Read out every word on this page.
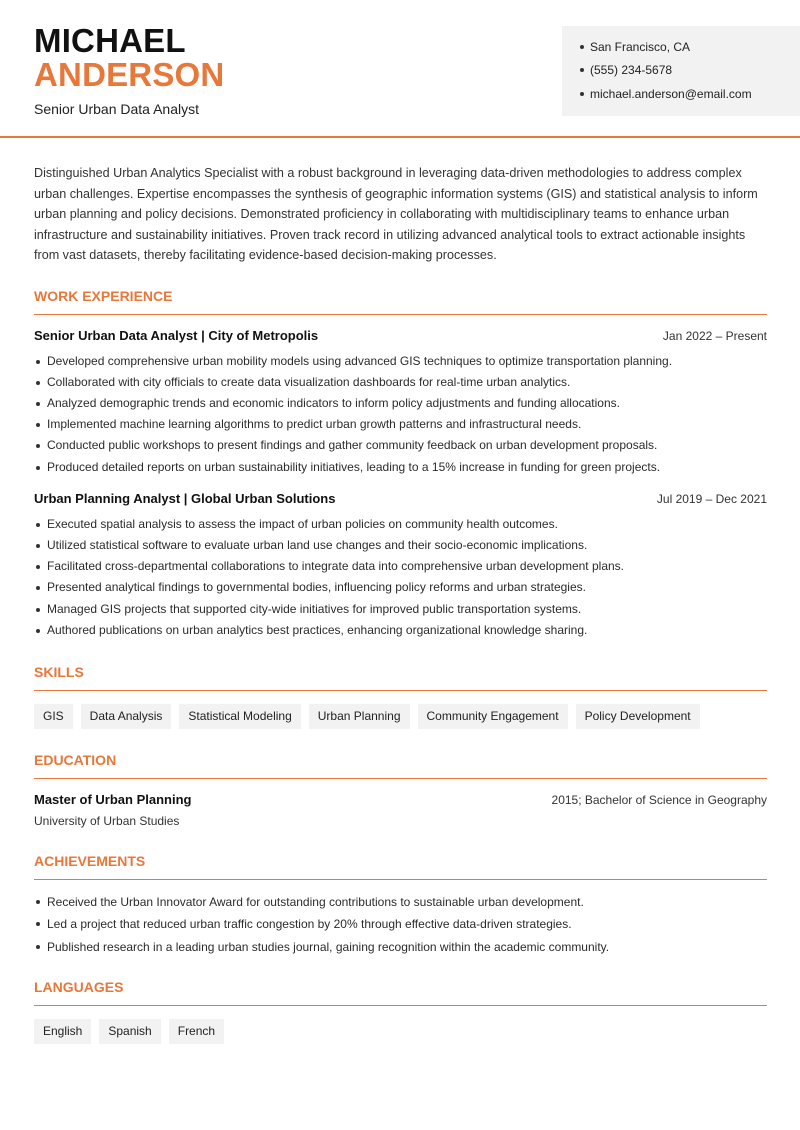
MICHAEL
ANDERSON
Senior Urban Data Analyst
San Francisco, CA
(555) 234-5678
michael.anderson@email.com
Distinguished Urban Analytics Specialist with a robust background in leveraging data-driven methodologies to address complex urban challenges. Expertise encompasses the synthesis of geographic information systems (GIS) and statistical analysis to inform urban planning and policy decisions. Demonstrated proficiency in collaborating with multidisciplinary teams to enhance urban infrastructure and sustainability initiatives. Proven track record in utilizing advanced analytical tools to extract actionable insights from vast datasets, thereby facilitating evidence-based decision-making processes.
WORK EXPERIENCE
Senior Urban Data Analyst | City of Metropolis	Jan 2022 – Present
Developed comprehensive urban mobility models using advanced GIS techniques to optimize transportation planning.
Collaborated with city officials to create data visualization dashboards for real-time urban analytics.
Analyzed demographic trends and economic indicators to inform policy adjustments and funding allocations.
Implemented machine learning algorithms to predict urban growth patterns and infrastructural needs.
Conducted public workshops to present findings and gather community feedback on urban development proposals.
Produced detailed reports on urban sustainability initiatives, leading to a 15% increase in funding for green projects.
Urban Planning Analyst | Global Urban Solutions	Jul 2019 – Dec 2021
Executed spatial analysis to assess the impact of urban policies on community health outcomes.
Utilized statistical software to evaluate urban land use changes and their socio-economic implications.
Facilitated cross-departmental collaborations to integrate data into comprehensive urban development plans.
Presented analytical findings to governmental bodies, influencing policy reforms and urban strategies.
Managed GIS projects that supported city-wide initiatives for improved public transportation systems.
Authored publications on urban analytics best practices, enhancing organizational knowledge sharing.
SKILLS
GIS	Data Analysis	Statistical Modeling	Urban Planning	Community Engagement	Policy Development
EDUCATION
Master of Urban Planning	2015; Bachelor of Science in Geography
University of Urban Studies
ACHIEVEMENTS
Received the Urban Innovator Award for outstanding contributions to sustainable urban development.
Led a project that reduced urban traffic congestion by 20% through effective data-driven strategies.
Published research in a leading urban studies journal, gaining recognition within the academic community.
LANGUAGES
English	Spanish	French
